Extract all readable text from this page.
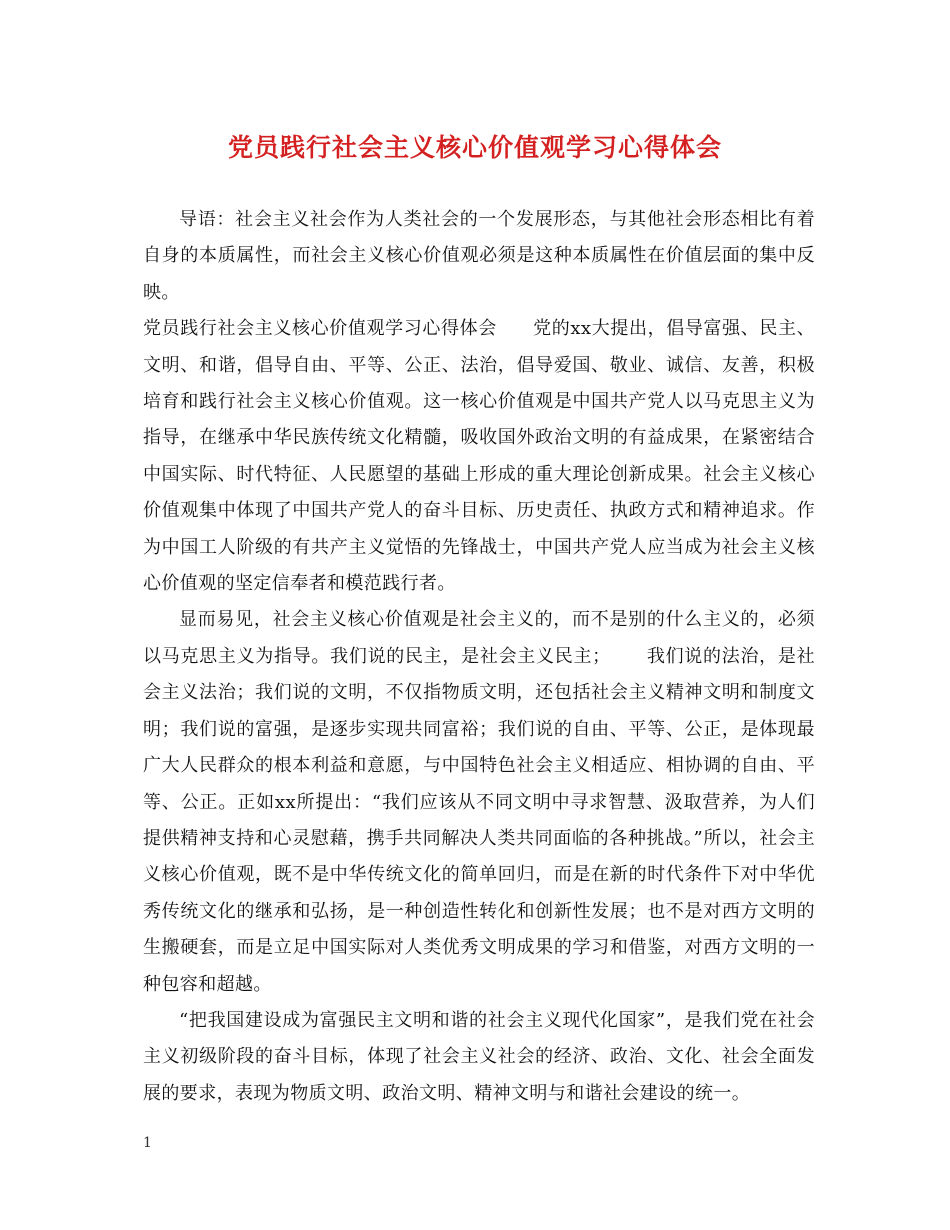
党员践行社会主义核心价值观学习心得体会

导语：社会主义社会作为人类社会的一个发展形态，与其他社会形态相比有着自身的本质属性，而社会主义核心价值观必须是这种本质属性在价值层面的集中反映。

党员践行社会主义核心价值观学习心得体会 党的xx大提出，倡导富强、民主、文明、和谐，倡导自由、平等、公正、法治，倡导爱国、敬业、诚信、友善，积极培育和践行社会主义核心价值观。这一核心价值观是中国共产党人以马克思主义为指导，在继承中华民族传统文化精髓，吸收国外政治文明的有益成果，在紧密结合中国实际、时代特征、人民愿望的基础上形成的重大理论创新成果。社会主义核心价值观集中体现了中国共产党人的奋斗目标、历史责任、执政方式和精神追求。作为中国工人阶级的有共产主义觉悟的先锋战士，中国共产党人应当成为社会主义核心价值观的坚定信奉者和模范践行者。

显而易见，社会主义核心价值观是社会主义的，而不是别的什么主义的，必须以马克思主义为指导。我们说的民主，是社会主义民主； 我们说的法治，是社会主义法治；我们说的文明，不仅指物质文明，还包括社会主义精神文明和制度文明；我们说的富强，是逐步实现共同富裕；我们说的自由、平等、公正，是体现最广大人民群众的根本利益和意愿，与中国特色社会主义相适应、相协调的自由、平等、公正。正如xx所提出：“我们应该从不同文明中寻求智慧、汲取营养，为人们提供精神支持和心灵慰藉，携手共同解决人类共同面临的各种挑战。”所以，社会主义核心价值观，既不是中华传统文化的简单回归，而是在新的时代条件下对中华优秀传统文化的继承和弘扬，是一种创造性转化和创新性发展；也不是对西方文明的生搬硬套，而是立足中国实际对人类优秀文明成果的学习和借鉴，对西方文明的一种包容和超越。

“把我国建设成为富强民主文明和谐的社会主义现代化国家”，是我们党在社会主义初级阶段的奋斗目标，体现了社会主义社会的经济、政治、文化、社会全面发展的要求，表现为物质文明、政治文明、精神文明与和谐社会建设的统一。

1
